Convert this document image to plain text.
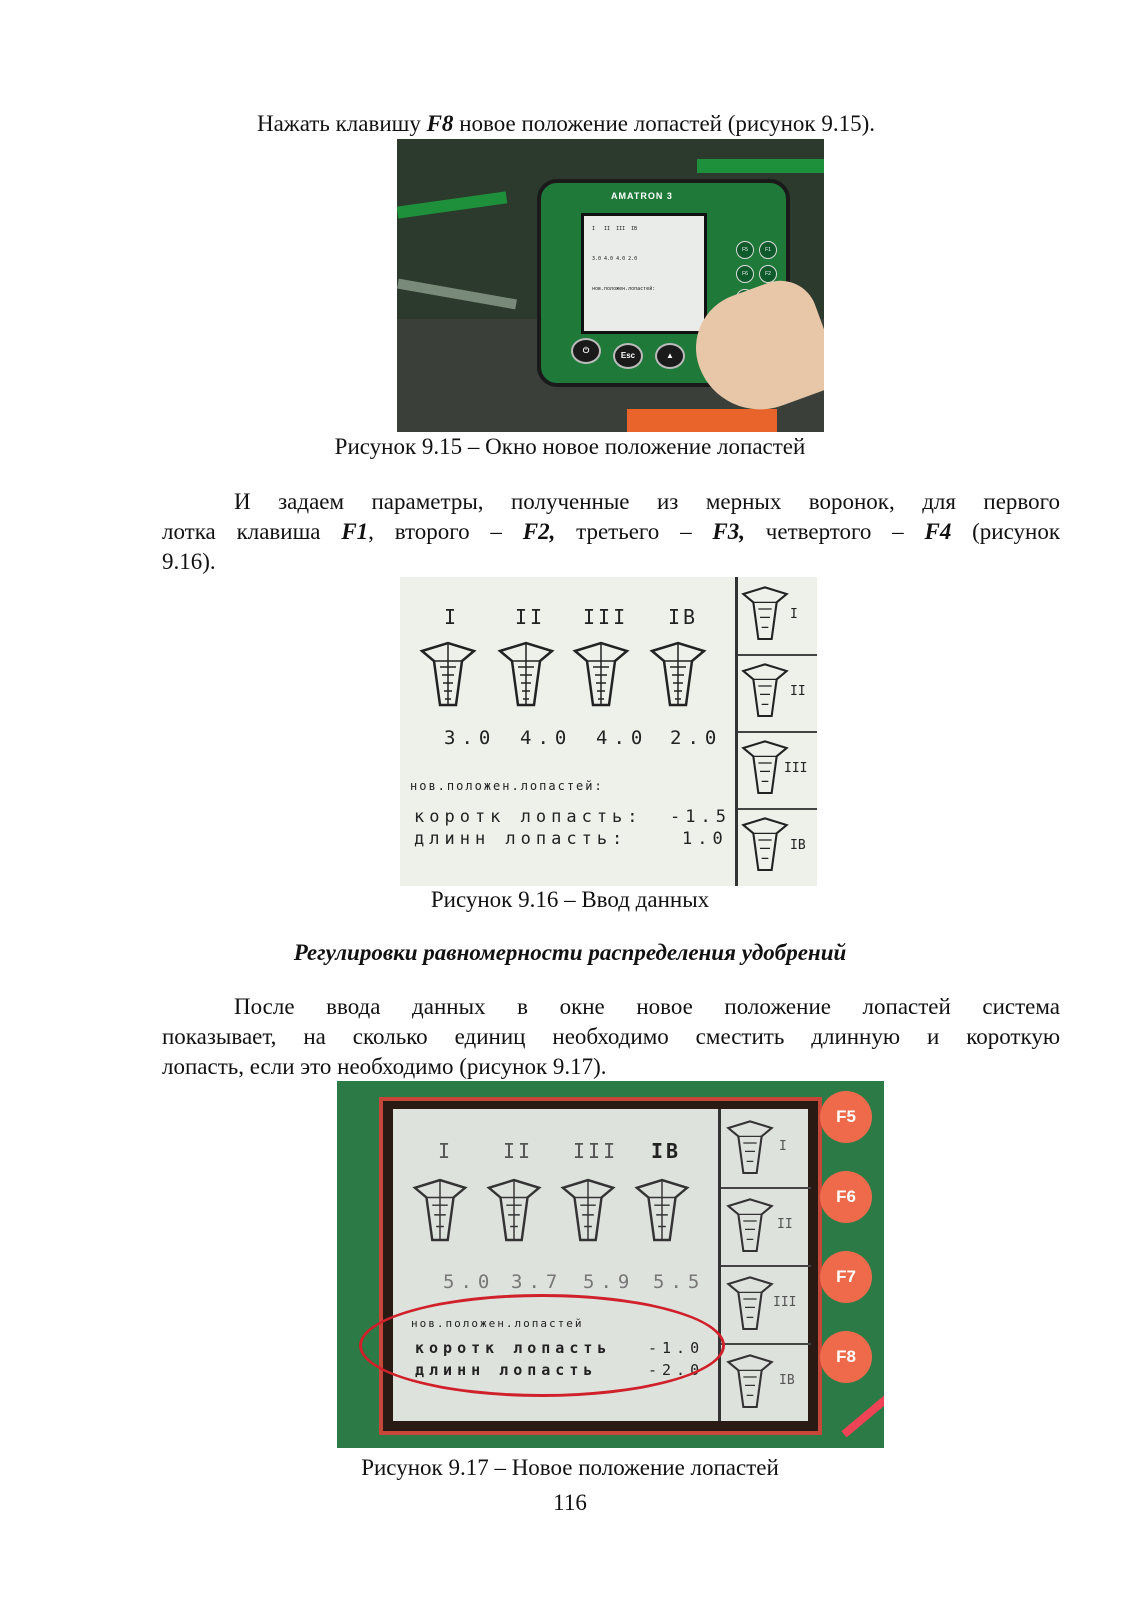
Нажать клавишу F8 новое положение лопастей (рисунок 9.15).

AMATRON 3
I   II  III  IB
3.0 4.0 4.0 2.0
нов.положен.лопастей:
F5	F1
F6	F2
⏻
Esc	▲

Рисунок 9.15 – Окно новое положение лопастей

И задаем параметры, полученные из мерных воронок, для первого

лотка клавиша F1, второго – F2, третьего – F3, четвертого – F4 (рисунок

9.16).

I	II III IB
3.0 4.0 4.0 2.0
нов.положен.лопастей:
коротк лопасть: -1.5
длинн лопасть:	1.0
I
II
III
IB

Рисунок 9.16 – Ввод данных

Регулировки равномерности распределения удобрений

После ввода данных в окне новое положение лопастей система

показывает, на сколько единиц необходимо сместить длинную и короткую

лопасть, если это необходимо (рисунок 9.17).

I II III IB
5.0 3.7 5.9 5.5
нов.положен.лопастей
коротк лопасть -1.0
длинн лопасть	-2.0
I
II
III
IB
F5
F6
F7
F8

Рисунок 9.17 – Новое положение лопастей

116
